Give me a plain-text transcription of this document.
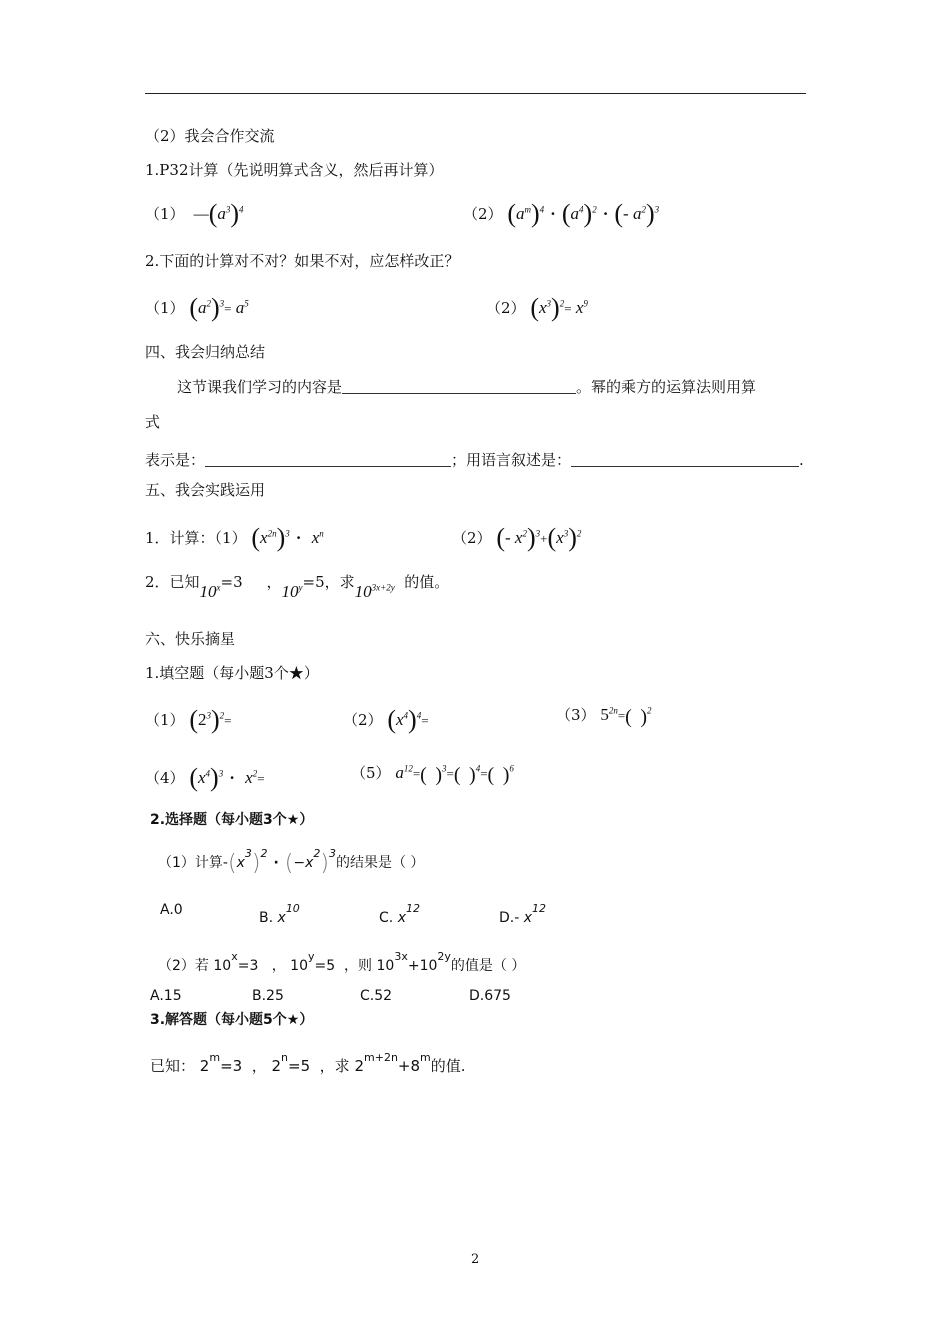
（2）我会合作交流
1.P32计算（先说明算式含义，然后再计算）
（1）  $—(a^3)^4$	（2） $(a^m)^4 \cdot (a^4)^2$ · (- $a^2)^3$
2.下面的计算对不对？如果不对，应怎样改正？
（1） $(a^2)^3= a^5$	（2） $(x^3)^2= x^9$
四、我会归纳总结
这节课我们学习的内容是	。幂的乘方的运算法则用算
式
表示是：	；用语言叙述是：	.
五、我会实践运用
1．计算：（1） $(x^{2n})^3 \cdot x^n$	（2） (- $x^2)^3+(x^3)^2$
2．已知$10^x=3$     ，$10^y=5$，求$10^{3x+2y}$ 的值。
六、快乐摘星
1.填空题（每小题3个★）
（1） $(2^3)^2=$	（2） $(x^4)^4=$	（3） $5^{2n}=$( )$^2$
（4） $(x^4)^3 \cdot x^2=$	（5） $a^{12}=$( )$^3$=( )$^4$=( )$^6$
2.选择题（每小题3个★）
（1）计算$-(x^3)^2\cdot (-x^2)^3$的结果是（ ）
A.0	B. $x^{10}$
C. $x^{12}$
D.- $x^{12}$
（2）若 $10^x=3$   ， $10^y=5$  ，则 $10^{3x}+10^{2y}$的值是（ ）
A.15	B.25	C.52	D.675
3.解答题（每小题5个★）
已知： $2^m=3$  ， $2^n=5$  ，求 $2^{m+2n}+8^m$的值.
2
